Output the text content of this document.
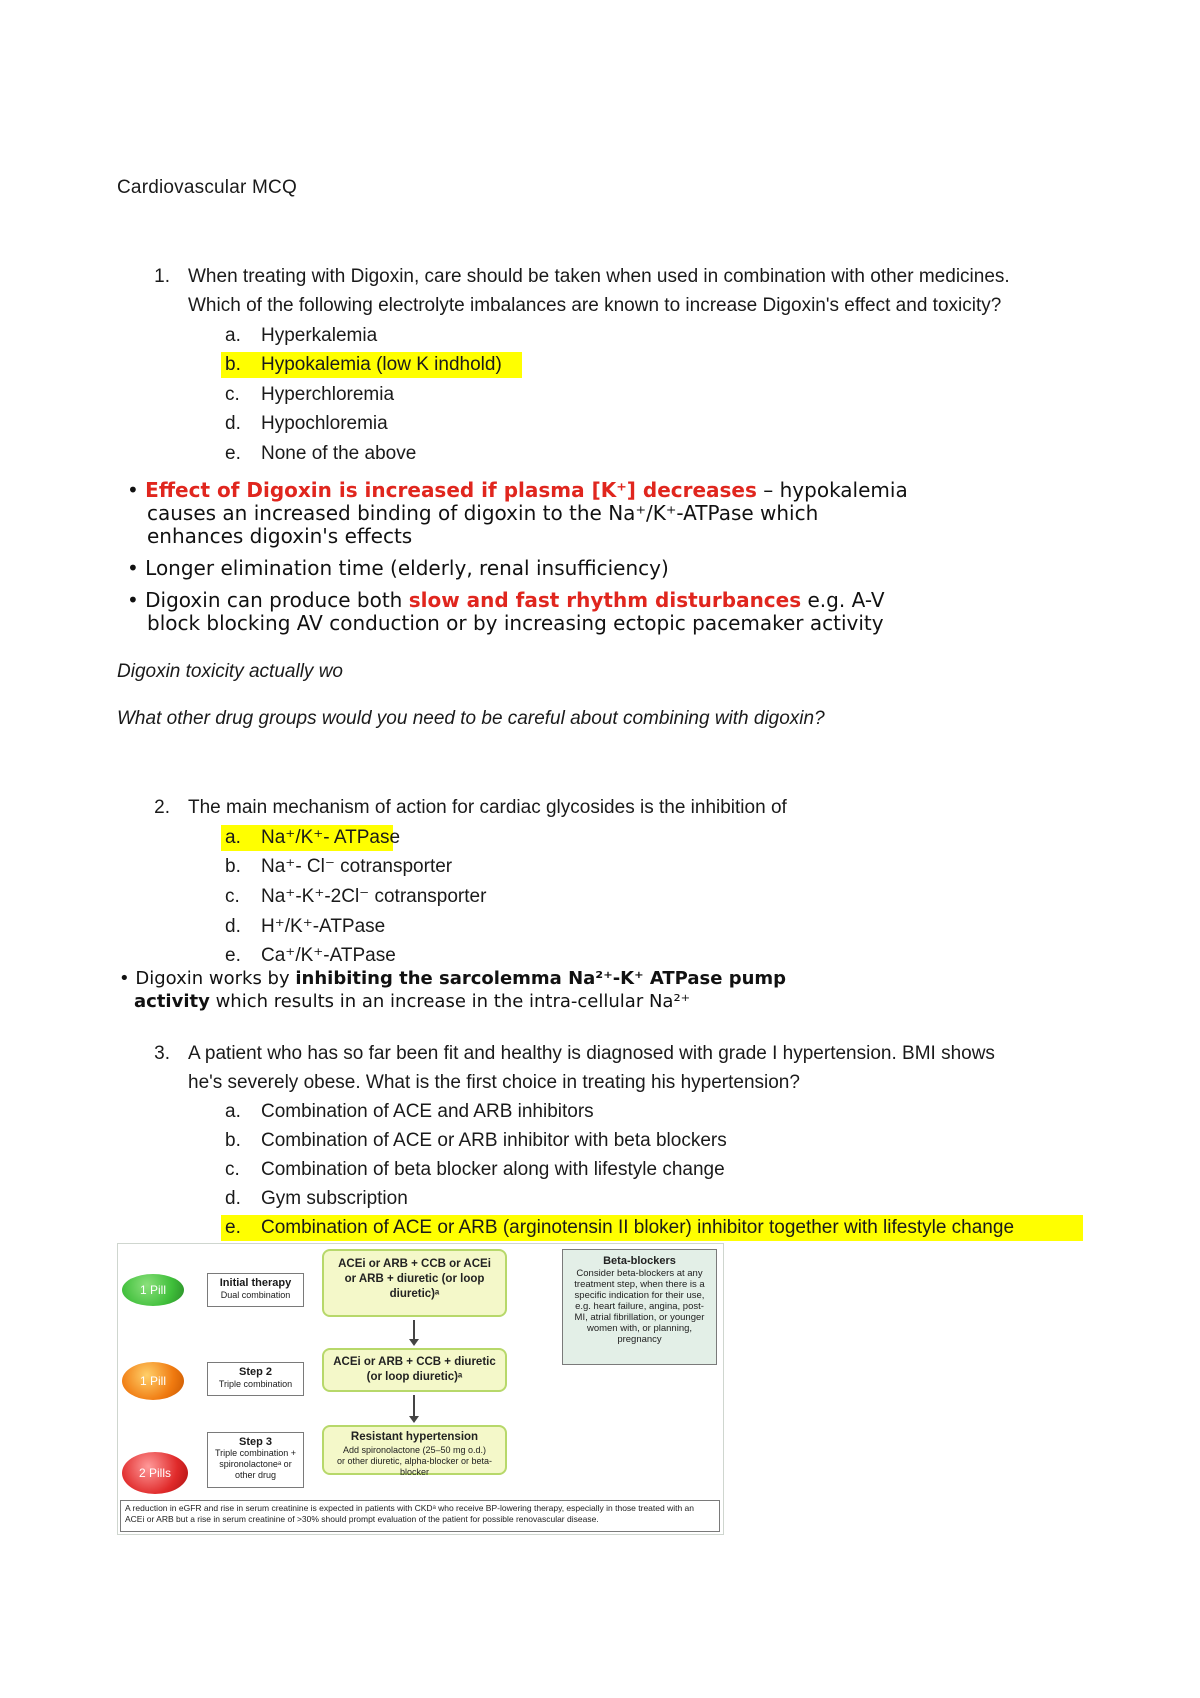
Cardiovascular MCQ
1. When treating with Digoxin, care should be taken when used in combination with other medicines.
Which of the following electrolyte imbalances are known to increase Digoxin's effect and toxicity?
a. Hyperkalemia
b. Hypokalemia (low K indhold)
c. Hyperchloremia
d. Hypochloremia
e. None of the above
• Effect of Digoxin is increased if plasma [K⁺] decreases – hypokalemia
causes an increased binding of digoxin to the Na⁺/K⁺-ATPase which
enhances digoxin's effects
• Longer elimination time (elderly, renal insufficiency)
• Digoxin can produce both slow and fast rhythm disturbances e.g. A-V
block blocking AV conduction or by increasing ectopic pacemaker activity
Digoxin toxicity actually wo
What other drug groups would you need to be careful about combining with digoxin?
2. The main mechanism of action for cardiac glycosides is the inhibition of
a. Na⁺/K⁺- ATPase
b. Na⁺- Cl⁻ cotransporter
c. Na⁺-K⁺-2Cl⁻ cotransporter
d. H⁺/K⁺-ATPase
e. Ca⁺/K⁺-ATPase
• Digoxin works by inhibiting the sarcolemma Na²⁺-K⁺ ATPase pump
activity which results in an increase in the intra-cellular Na²⁺
3. A patient who has so far been fit and healthy is diagnosed with grade I hypertension. BMI shows
he's severely obese. What is the first choice in treating his hypertension?
a. Combination of ACE and ARB inhibitors
b. Combination of ACE or ARB inhibitor with beta blockers
c. Combination of beta blocker along with lifestyle change
d. Gym subscription
e. Combination of ACE or ARB (arginotensin II bloker) inhibitor together with lifestyle change
1 Pill
1 Pill
2 Pills
Initial therapy
Dual combination
Step 2
Triple combination
Step 3
Triple combination + spironolactoneᵃ or other drug
ACEi or ARB + CCB or ACEi or ARB + diuretic (or loop diuretic)ᵃ
ACEi or ARB + CCB + diuretic (or loop diuretic)ᵃ
Resistant hypertension
Add spironolactone (25–50 mg o.d.)
or other diuretic, alpha-blocker or beta-blocker
Beta-blockers
Consider beta-blockers at any treatment step, when there is a specific indication for their use, e.g. heart failure, angina, post-MI, atrial fibrillation, or younger women with, or planning, pregnancy
A reduction in eGFR and rise in serum creatinine is expected in patients with CKDᵃ who receive BP-lowering therapy, especially in those treated with an ACEi or ARB but a rise in serum creatinine of >30% should prompt evaluation of the patient for possible renovascular disease.
